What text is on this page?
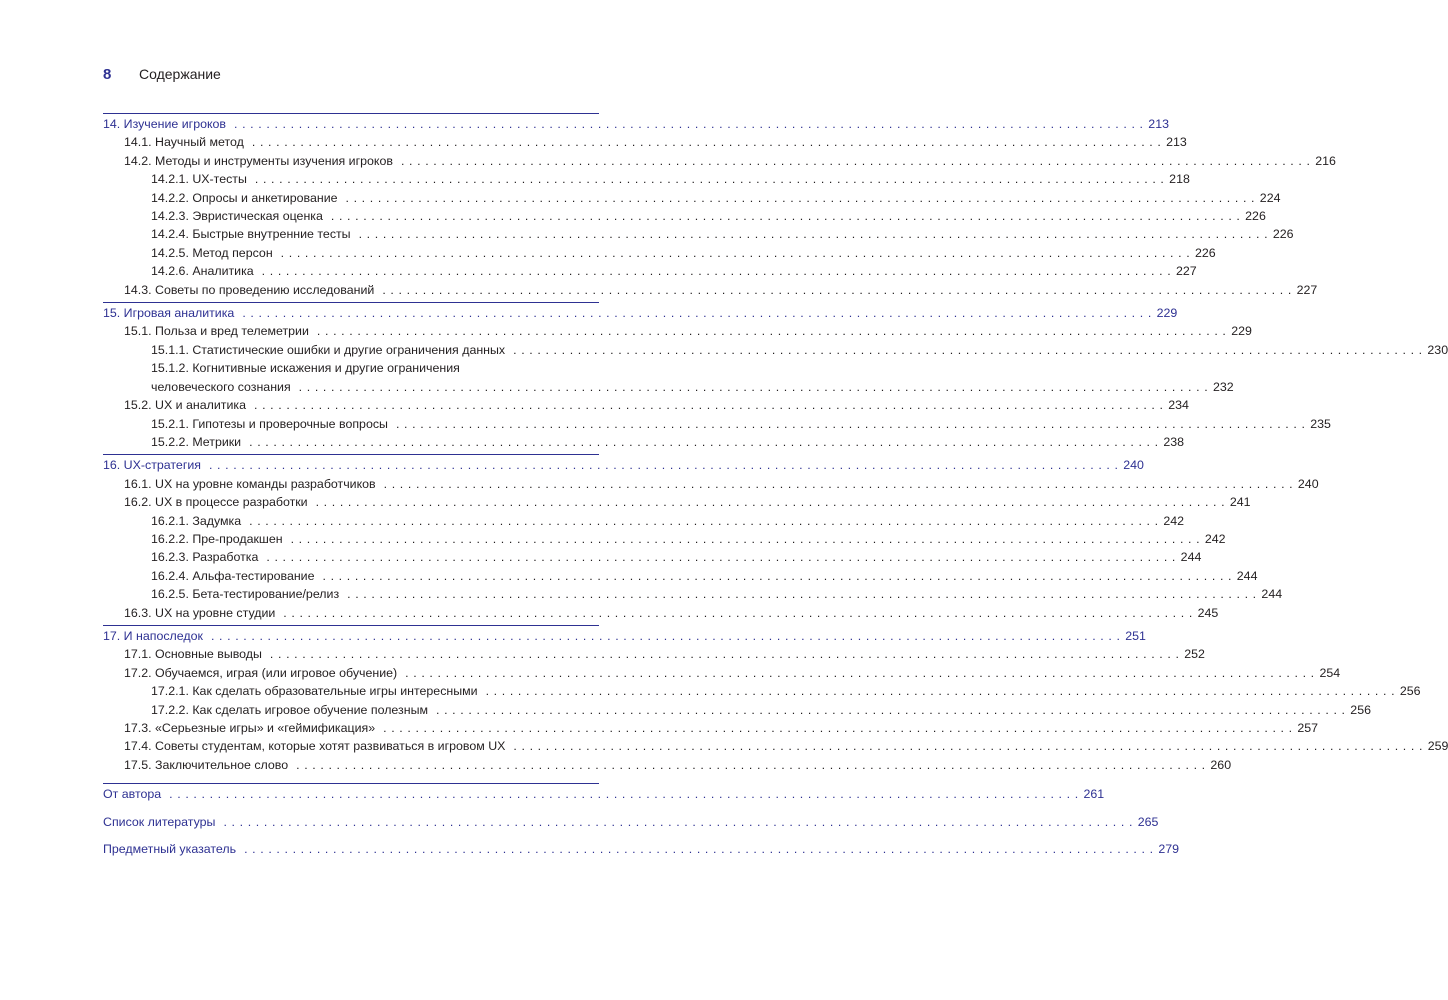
8	Содержание
14. Изучение игроков . . .	213
14.1. Научный метод . . .	213
14.2. Методы и инструменты изучения игроков . . .	216
14.2.1. UX-тесты . . .	218
14.2.2. Опросы и анкетирование . . .	224
14.2.3. Эвристическая оценка . . .	226
14.2.4. Быстрые внутренние тесты . . .	226
14.2.5. Метод персон . . .	226
14.2.6. Аналитика . . .	227
14.3. Советы по проведению исследований . . .	227
15. Игровая аналитика . . .	229
15.1. Польза и вред телеметрии . . .	229
15.1.1. Статистические ошибки и другие ограничения данных . . .	230
15.1.2. Когнитивные искажения и другие ограничения
человеческого сознания . . .	232
15.2. UX и аналитика . . .	234
15.2.1. Гипотезы и проверочные вопросы . . .	235
15.2.2. Метрики . . .	238
16. UX-стратегия . . .	240
16.1. UX на уровне команды разработчиков . . .	240
16.2. UX в процессе разработки . . .	241
16.2.1. Задумка . . .	242
16.2.2. Пре-продакшен . . .	242
16.2.3. Разработка . . .	244
16.2.4. Альфа-тестирование . . .	244
16.2.5. Бета-тестирование/релиз . . .	244
16.3. UX на уровне студии . . .	245
17. И напоследок . . .	251
17.1. Основные выводы . . .	252
17.2. Обучаемся, играя (или игровое обучение) . . .	254
17.2.1. Как сделать образовательные игры интересными . . .	256
17.2.2. Как сделать игровое обучение полезным . . .	256
17.3. «Серьезные игры» и «геймификация» . . .	257
17.4. Советы студентам, которые хотят развиваться в игровом UX . . .	259
17.5. Заключительное слово . . .	260
От автора . . .	261
Список литературы . . .	265
Предметный указатель . . .	279
